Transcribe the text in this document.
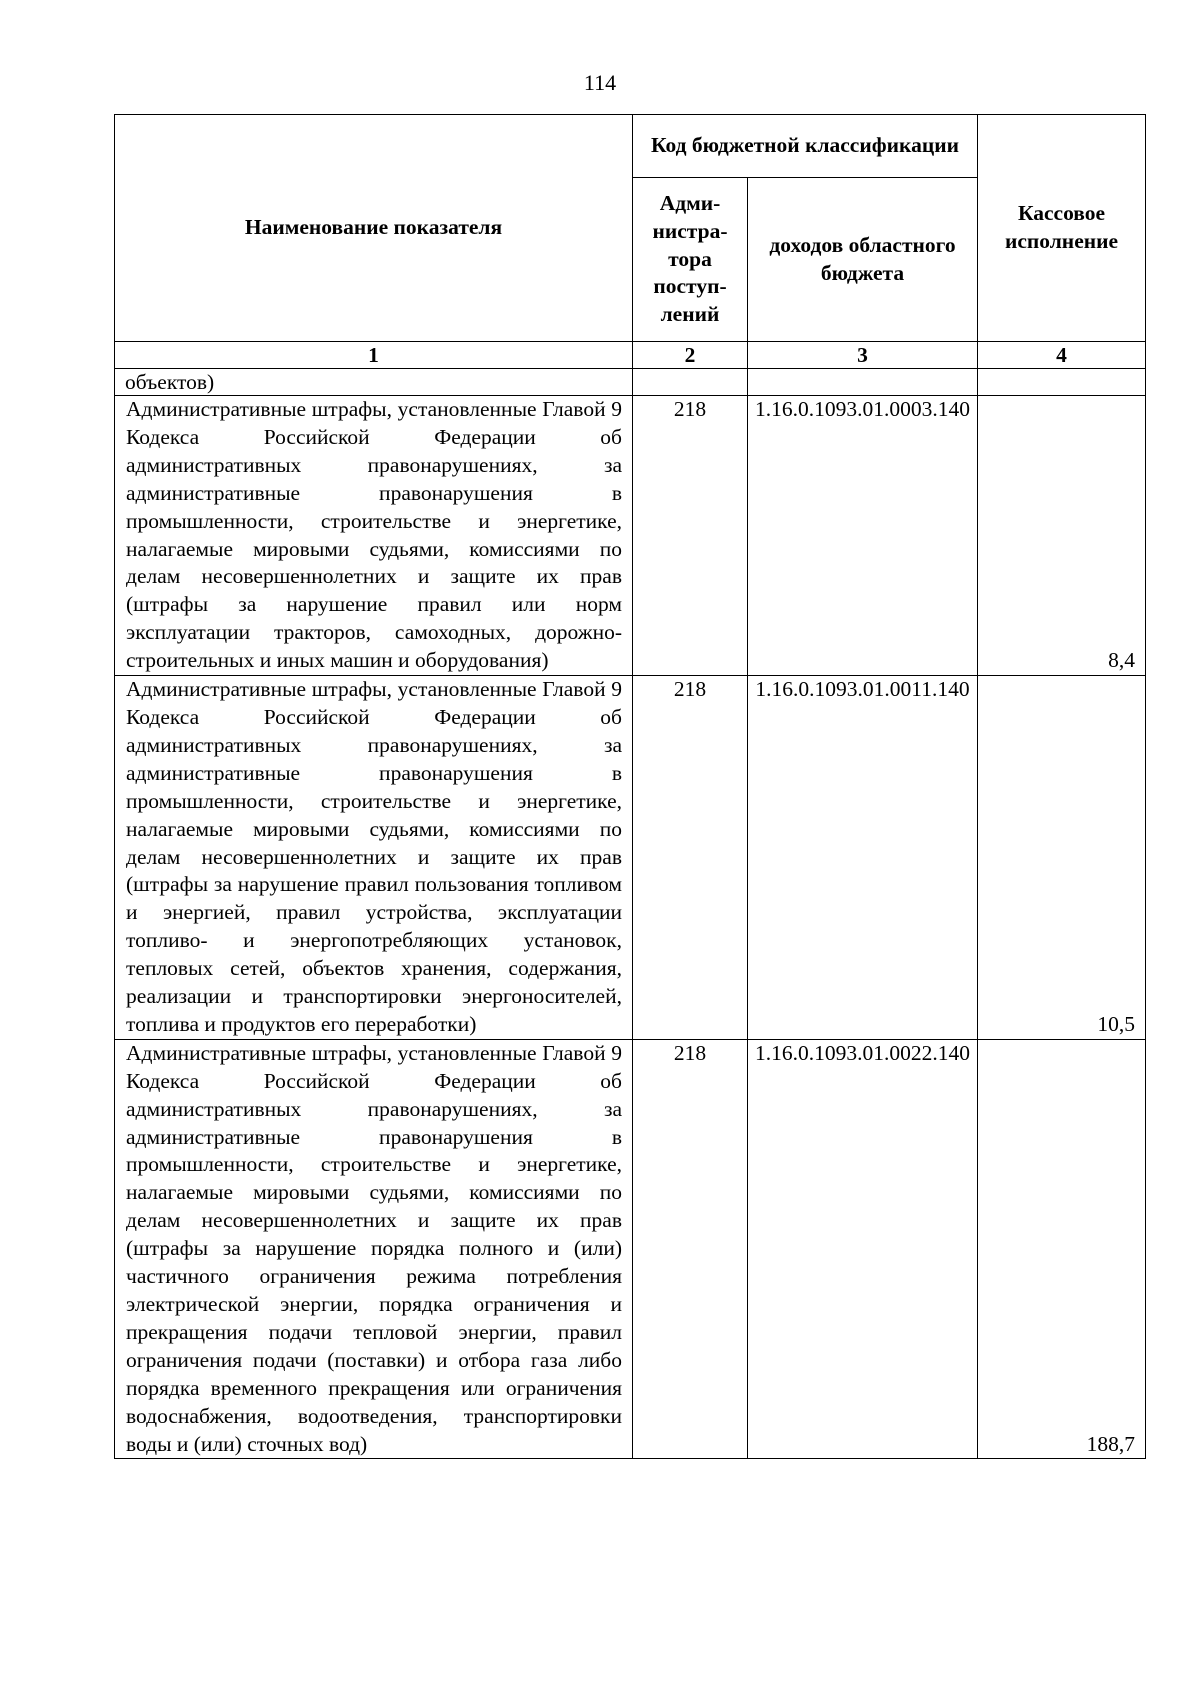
114
Наименование показателя	Код бюджетной классификации		Кассовое исполнение
	Адми-нистра-тора поступ-лений	доходов областного бюджета	
1	2	3	4
объектов)			
Административные штрафы, установленные Главой 9 Кодекса Российской Федерации об административных правонарушениях, за административные правонарушения в промышленности, строительстве и энергетике, налагаемые мировыми судьями, комиссиями по делам несовершеннолетних и защите их прав (штрафы за нарушение правил или норм эксплуатации тракторов, самоходных, дорожно-строительных и иных машин и оборудования)	218	1.16.0.1093.01.0003.140	8,4
Административные штрафы, установленные Главой 9 Кодекса Российской Федерации об административных правонарушениях, за административные правонарушения в промышленности, строительстве и энергетике, налагаемые мировыми судьями, комиссиями по делам несовершеннолетних и защите их прав (штрафы за нарушение правил пользования топливом и энергией, правил устройства, эксплуатации топливо- и энергопотребляющих установок, тепловых сетей, объектов хранения, содержания, реализации и транспортировки энергоносителей, топлива и продуктов его переработки)	218	1.16.0.1093.01.0011.140	10,5
Административные штрафы, установленные Главой 9 Кодекса Российской Федерации об административных правонарушениях, за административные правонарушения в промышленности, строительстве и энергетике, налагаемые мировыми судьями, комиссиями по делам несовершеннолетних и защите их прав (штрафы за нарушение порядка полного и (или) частичного ограничения режима потребления электрической энергии, порядка ограничения и прекращения подачи тепловой энергии, правил ограничения подачи (поставки) и отбора газа либо порядка временного прекращения или ограничения водоснабжения, водоотведения, транспортировки воды и (или) сточных вод)	218	1.16.0.1093.01.0022.140	188,7
